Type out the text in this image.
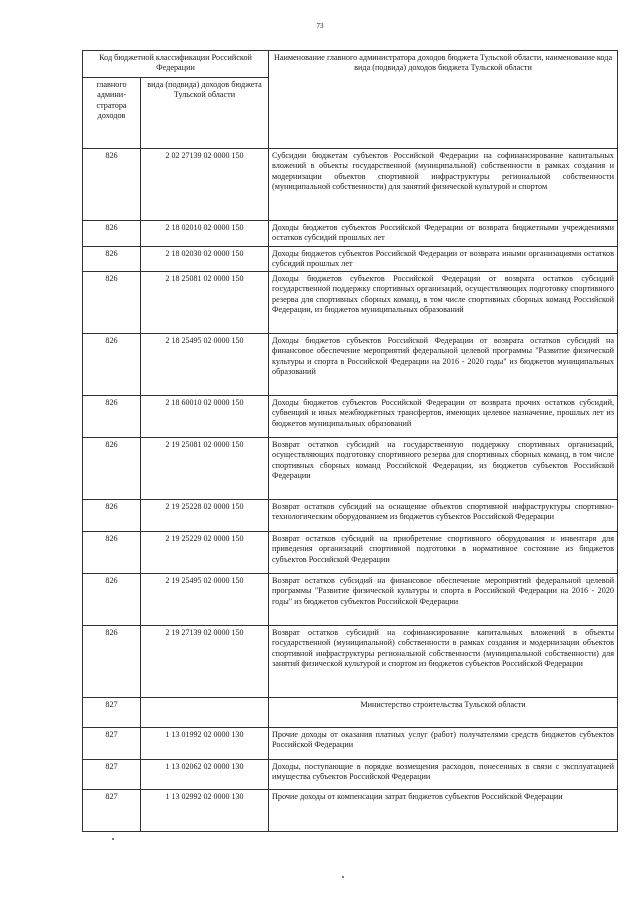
73
Код бюджетной классификации Российской Федерации		Наименование главного администратора доходов бюджета Тульской области, наименование кода вида (подвида) доходов бюджета Тульской области
главного админи-стратора доходов	вида (подвида) доходов бюджета Тульской области	
826	2 02 27139 02 0000 150	Субсидии бюджетам субъектов Российской Федерации на софинансирование капитальных вложений в объекты государственной (муниципальной) собственности в рамках создания и модернизации объектов спортивной инфраструктуры региональной собственности (муниципальной собственности) для занятий физической культурой и спортом
826	2 18 02010 02 0000 150	Доходы бюджетов субъектов Российской Федерации от возврата бюджетными учреждениями остатков субсидий прошлых лет
826	2 18 02030 02 0000 150	Доходы бюджетов субъектов Российской Федерации от возврата иными организациями остатков субсидий прошлых лет
826	2 18 25081 02 0000 150	Доходы бюджетов субъектов Российской Федерации от возврата остатков субсидий государственной поддержку спортивных организаций, осуществляющих подготовку спортивного резерва для спортивных сборных команд, в том числе спортивных сборных команд Российской Федерации, из бюджетов муниципальных образований
826	2 18 25495 02 0000 150	Доходы бюджетов субъектов Российской Федерации от возврата остатков субсидий на финансовое обеспечение мероприятий федеральной целевой программы "Развитие физической культуры и спорта в Российской Федерации на 2016 - 2020 годы" из бюджетов муниципальных образований
826	2 18 60010 02 0000 150	Доходы бюджетов субъектов Российской Федерации от возврата прочих остатков субсидий, субвенций и иных межбюджетных трансфертов, имеющих целевое назначение, прошлых лет из бюджетов муниципальных образований
826	2 19 25081 02 0000 150	Возврат остатков субсидий на государственную поддержку спортивных организаций, осуществляющих подготовку спортивного резерва для спортивных сборных команд, в том числе спортивных сборных команд Российской Федерации, из бюджетов субъектов Российской Федерации
826	2 19 25228 02 0000 150	Возврат остатков субсидий на оснащение объектов спортивной инфраструктуры спортивно-технологическим оборудованием из бюджетов субъектов Российской Федерации
826	2 19 25229 02 0000 150	Возврат остатков субсидий на приобретение спортивного оборудования и инвентаря для приведения организаций спортивной подготовки в нормативное состояние из бюджетов субъектов Российской Федерации
826	2 19 25495 02 0000 150	Возврат остатков субсидий на финансовое обеспечение мероприятий федеральной целевой программы "Развитие физической культуры и спорта в Российской Федерации на 2016 - 2020 годы" из бюджетов субъектов Российской Федерации
826	2 19 27139 02 0000 150	Возврат остатков субсидий на софинансирование капитальных вложений в объекты государственной (муниципальной) собственности в рамках создания и модернизации объектов спортивной инфраструктуры региональной собственности (муниципальной собственности) для занятий физической культурой и спортом из бюджетов субъектов Российской Федерации
827		Министерство строительства Тульской области
827	1 13 01992 02 0000 130	Прочие доходы от оказания платных услуг (работ) получателями средств бюджетов субъектов Российской Федерации
827	1 13 02062 02 0000 130	Доходы, поступающие в порядке возмещения расходов, понесенных в связи с эксплуатацией имущества субъектов Российской Федерации
827	1 13 02992 02 0000 130	Прочие доходы от компенсации затрат бюджетов субъектов Российской Федерации
